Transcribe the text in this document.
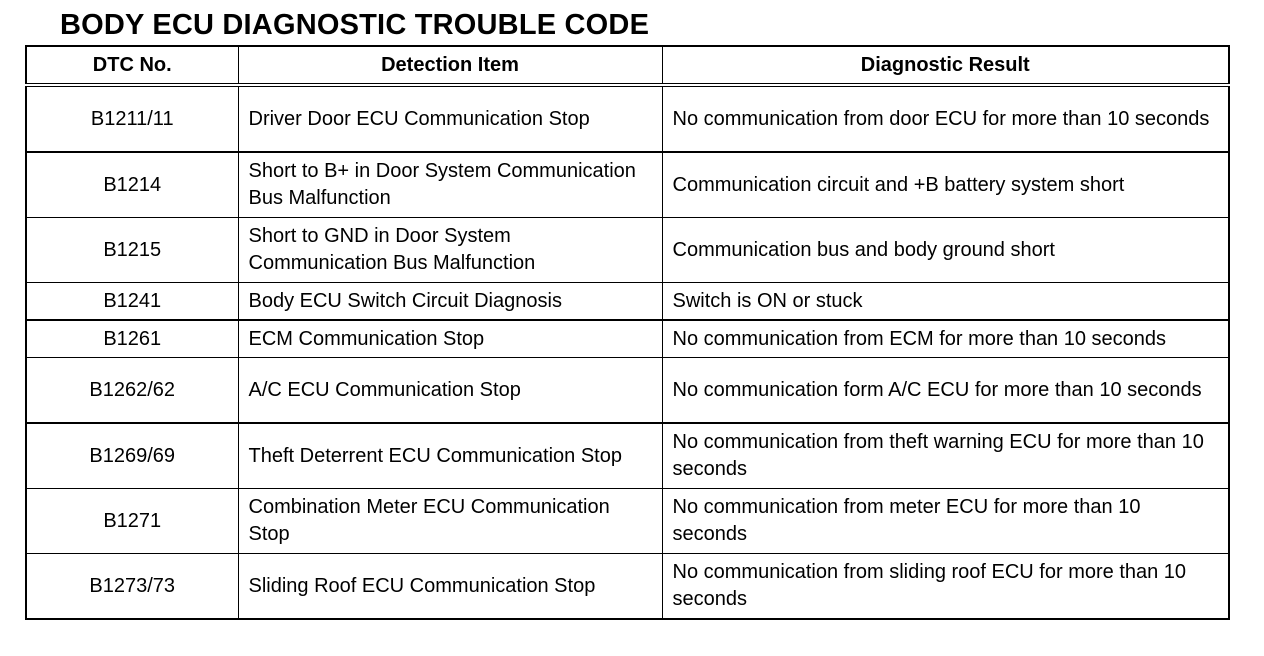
BODY ECU DIAGNOSTIC TROUBLE CODE
DTC No.	Detection Item	Diagnostic Result
B1211/11	Driver Door ECU Communication Stop	No communication from door ECU for more than 10 seconds
B1214	Short to B+ in Door System Communication Bus Malfunction	Communication circuit and +B battery system short
B1215	Short to GND in Door System Communication Bus Malfunction	Communication bus and body ground short
B1241	Body ECU Switch Circuit Diagnosis	Switch is ON or stuck
B1261	ECM Communication Stop	No communication from ECM for more than 10 seconds
B1262/62	A/C ECU Communication Stop	No communication form A/C ECU for more than 10 seconds
B1269/69	Theft Deterrent ECU Communication Stop	No communication from theft warning ECU for more than 10 seconds
B1271	Combination Meter ECU Communication Stop	No communication from meter ECU for more than 10 seconds
B1273/73	Sliding Roof ECU Communication Stop	No communication from sliding roof ECU for more than 10 seconds
